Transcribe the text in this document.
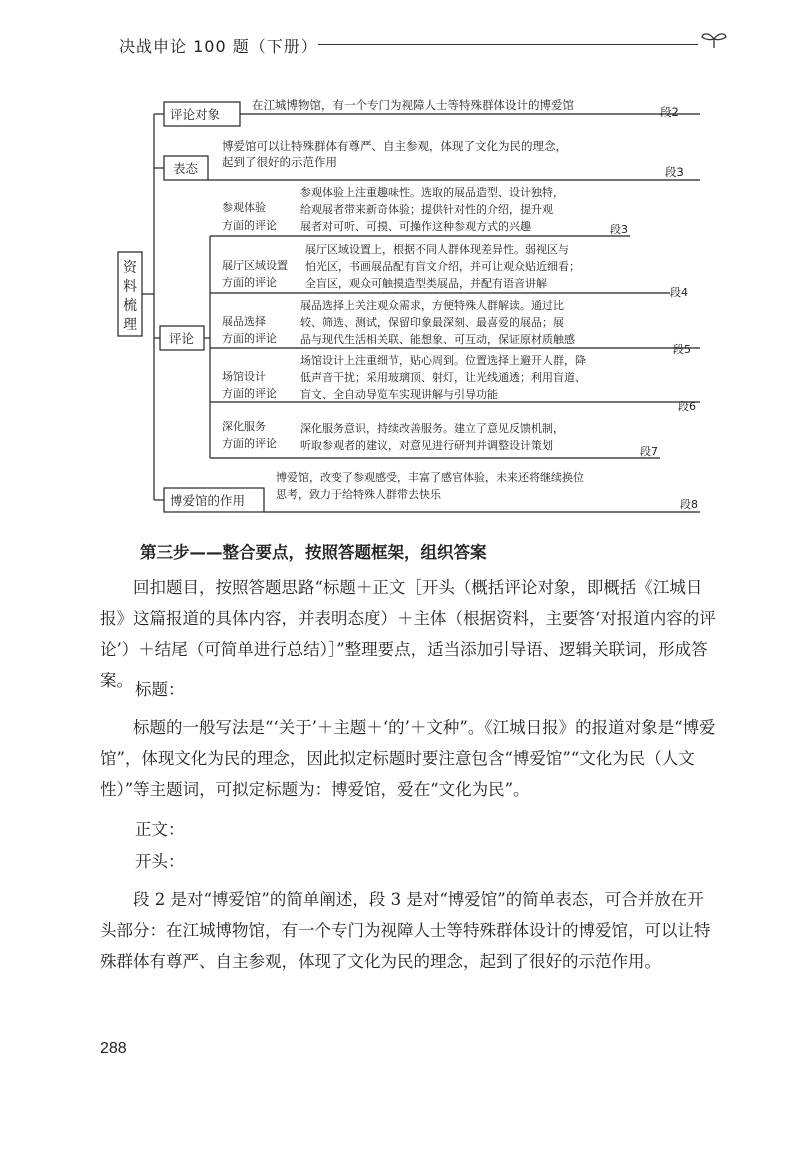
决战申论 100 题（下册）
资
料
梳
理
评论对象
表态
评论
博爱馆的作用
在江城博物馆，有一个专门为视障人士等特殊群体设计的博爱馆	段2
博爱馆可以让特殊群体有尊严、自主参观，体现了文化为民的理念，
起到了很好的示范作用
段3
参观体验
方面的评论
参观体验上注重趣味性。选取的展品造型、设计独特，
给观展者带来新奇体验；提供针对性的介绍，提升观
展者对可听、可摸、可操作这种参观方式的兴趣	段3
展厅区域设置
方面的评论
展厅区域设置上，根据不同人群体现差异性。弱视区与
怕光区，书画展品配有盲文介绍，并可让观众贴近细看；
全盲区，观众可触摸造型类展品，并配有语音讲解
段4
展品选择
方面的评论
展品选择上关注观众需求，方便特殊人群解读。通过比
较、筛选、测试，保留印象最深刻、最喜爱的展品；展
品与现代生活相关联、能想象、可互动，保证原材质触感
段5
场馆设计
方面的评论
场馆设计上注重细节，贴心周到。位置选择上避开人群，降
低声音干扰；采用玻璃顶、射灯，让光线通透；利用盲道、
盲文、全自动导览车实现讲解与引导功能
段6
深化服务
方面的评论
深化服务意识，持续改善服务。建立了意见反馈机制，
听取参观者的建议，对意见进行研判并调整设计策划	段7
博爱馆，改变了参观感受，丰富了感官体验，未来还将继续换位
思考，致力于给特殊人群带去快乐
段8
第三步——整合要点，按照答题框架，组织答案
回扣题目，按照答题思路“标题＋正文［开头（概括评论对象，即概括《江城日报》这篇报道的具体内容，并表明态度）＋主体（根据资料，主要答‘对报道内容的评论’）＋结尾（可简单进行总结）］”整理要点，适当添加引导语、逻辑关联词，形成答案。 标题：
标题的一般写法是“‘关于’＋主题＋‘的’＋文种”。《江城日报》的报道对象是“博爱馆”，体现文化为民的理念，因此拟定标题时要注意包含“博爱馆”“文化为民（人文性）”等主题词，可拟定标题为：博爱馆，爱在“文化为民”。
正文：
开头：
段 2 是对“博爱馆”的简单阐述，段 3 是对“博爱馆”的简单表态，可合并放在开头部分：在江城博物馆，有一个专门为视障人士等特殊群体设计的博爱馆，可以让特殊群体有尊严、自主参观，体现了文化为民的理念，起到了很好的示范作用。
288
